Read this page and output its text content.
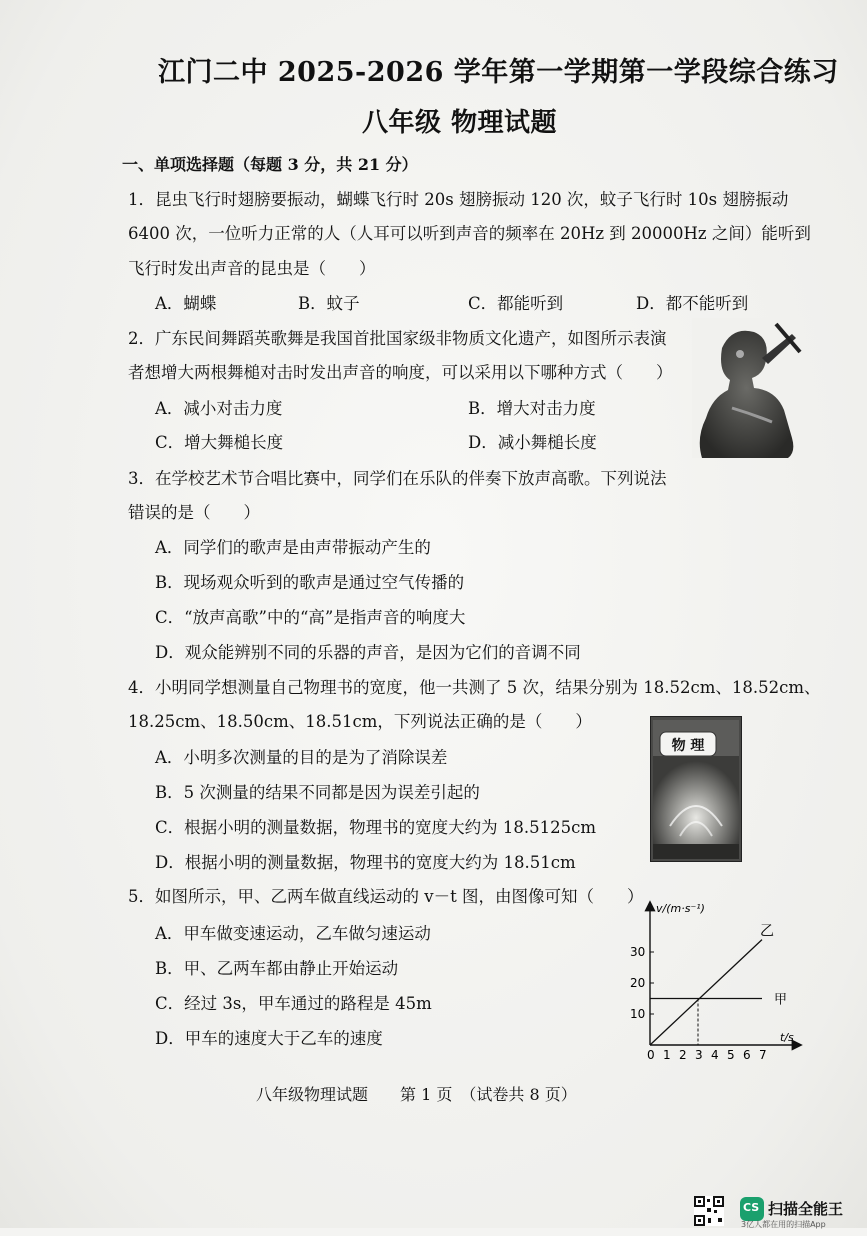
江门二中 2025-2026 学年第一学期第一学段综合练习
八年级 物理试题
一、单项选择题（每题 3 分，共 21 分）
1．昆虫飞行时翅膀要振动，蝴蝶飞行时 20s 翅膀振动 120 次，蚊子飞行时 10s 翅膀振动
6400 次，一位听力正常的人（人耳可以听到声音的频率在 20Hz 到 20000Hz 之间）能听到
飞行时发出声音的昆虫是（　　）
A．蝴蝶	B．蚊子	C．都能听到	D．都不能听到
2．广东民间舞蹈英歌舞是我国首批国家级非物质文化遗产，如图所示表演
者想增大两根舞槌对击时发出声音的响度，可以采用以下哪种方式（　　）
A．减小对击力度	B．增大对击力度
C．增大舞槌长度	D．减小舞槌长度
3．在学校艺术节合唱比赛中，同学们在乐队的伴奏下放声高歌。下列说法
错误的是（　　）
A．同学们的歌声是由声带振动产生的
B．现场观众听到的歌声是通过空气传播的
C．“放声高歌”中的“高”是指声音的响度大
D．观众能辨别不同的乐器的声音，是因为它们的音调不同
4．小明同学想测量自己物理书的宽度，他一共测了 5 次，结果分别为 18.52cm、18.52cm、
18.25cm、18.50cm、18.51cm，下列说法正确的是（　　）
A．小明多次测量的目的是为了消除误差
B．5 次测量的结果不同都是因为误差引起的
C．根据小明的测量数据，物理书的宽度大约为 18.5125cm
D．根据小明的测量数据，物理书的宽度大约为 18.51cm
物 理
5．如图所示，甲、乙两车做直线运动的 v－t 图，由图像可知（　　）
A．甲车做变速运动，乙车做匀速运动
B．甲、乙两车都由静止开始运动
C．经过 3s，甲车通过的路程是 45m
D．甲车的速度大于乙车的速度
0 1 2 3 4 5 6 7
30
20
10
v/(m·s⁻¹)
t/s
乙
甲
八年级物理试题　　第 1 页　（试卷共 8 页）
CS 扫描全能王
3亿人都在用的扫描App
